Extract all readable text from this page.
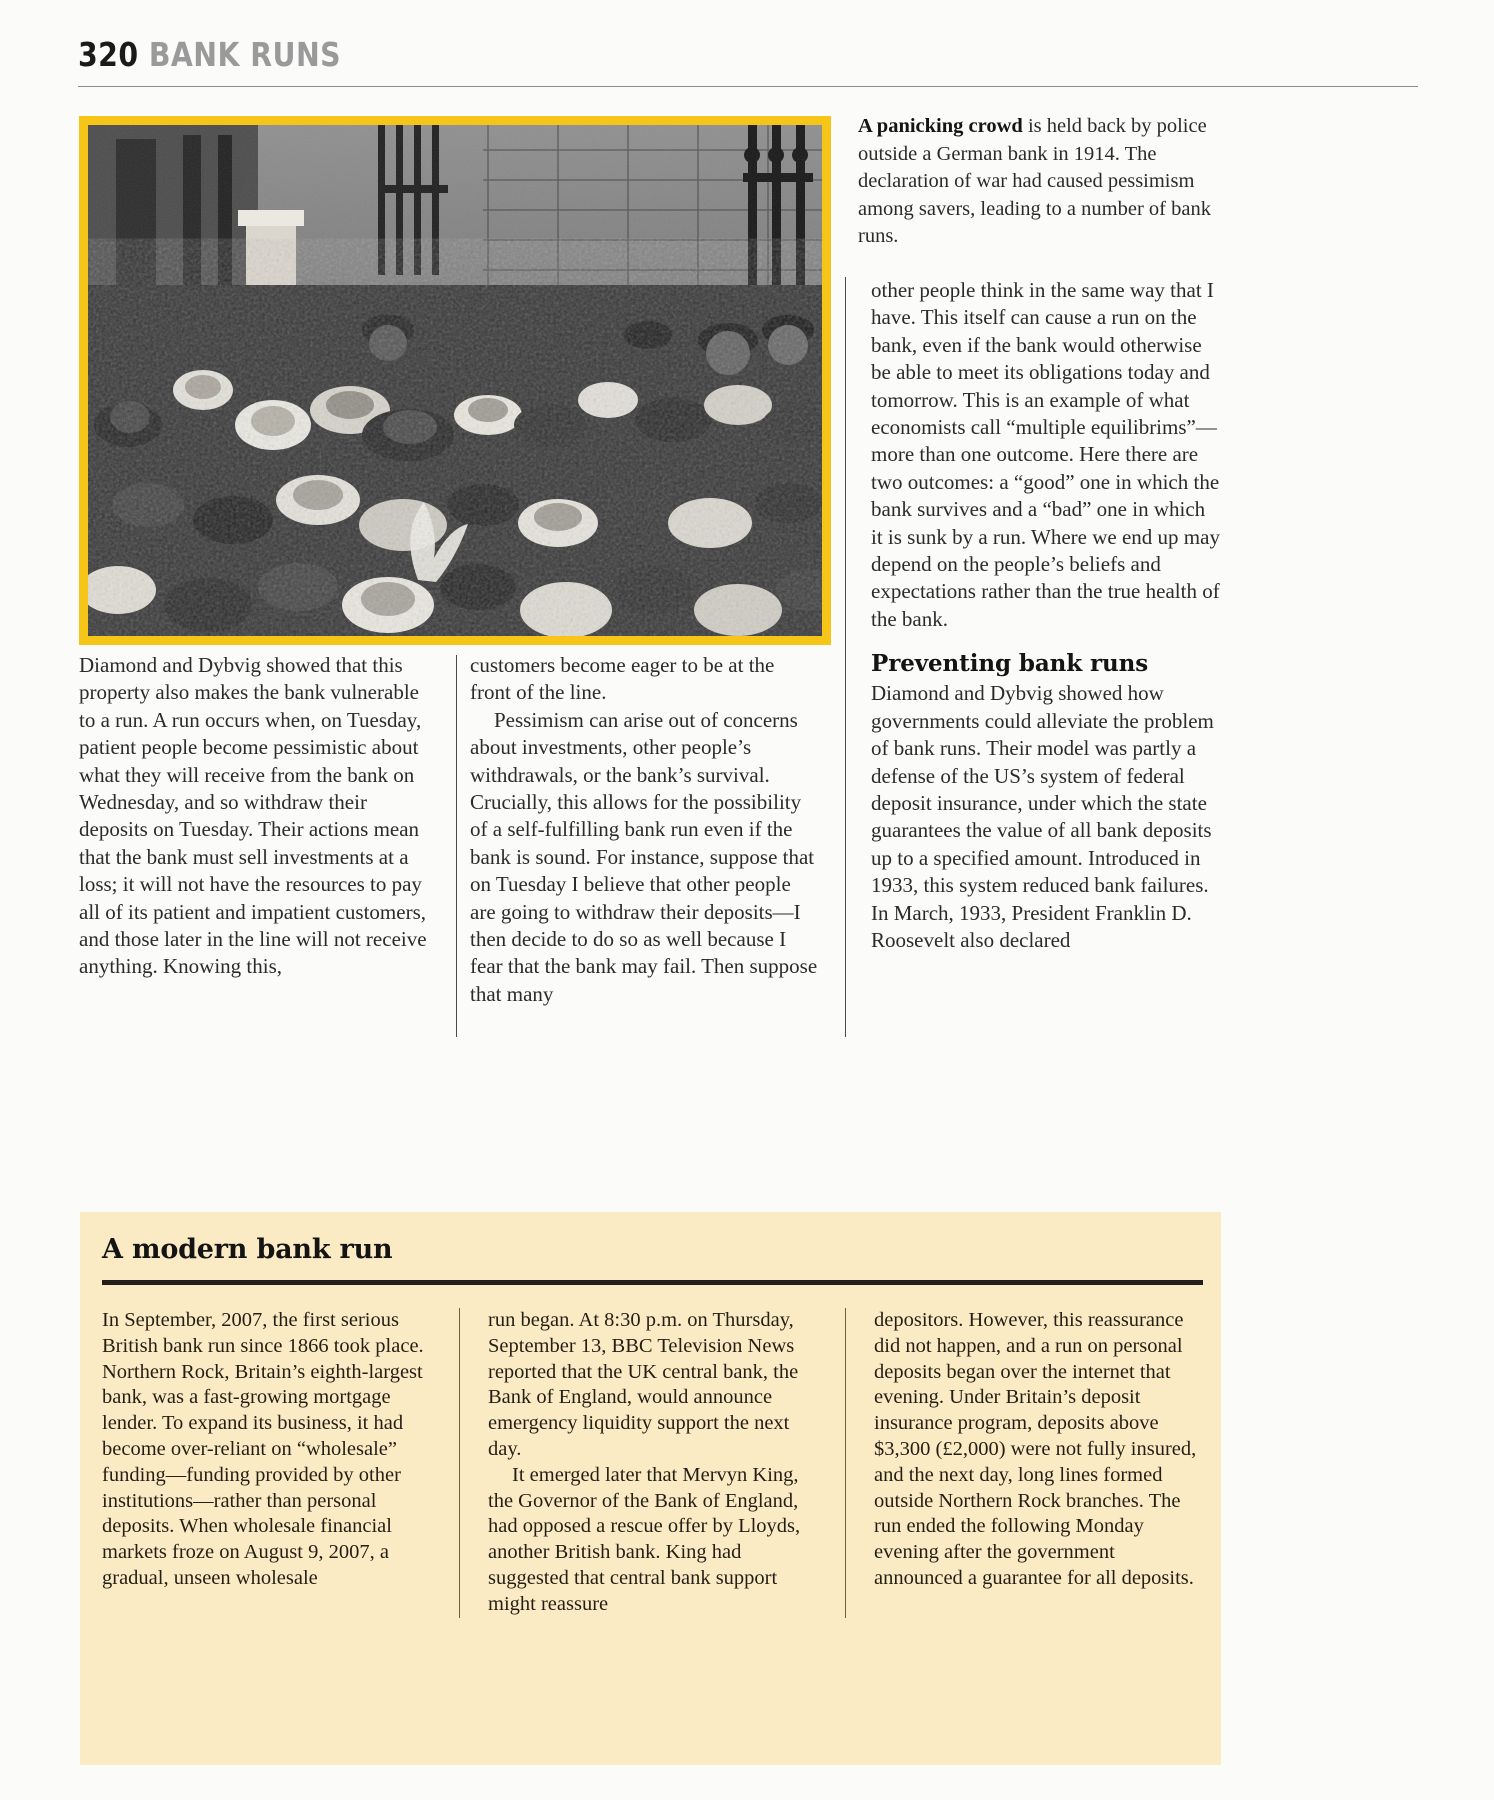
320 BANK RUNS
A panicking crowd is held back by police outside a German bank in 1914. The declaration of war had caused pessimism among savers, leading to a number of bank runs.

other people think in the same way that I have. This itself can cause a run on the bank, even if the bank would otherwise be able to meet its obligations today and tomorrow. This is an example of what economists call “multiple equilibrims”—more than one outcome. Here there are two outcomes: a “good” one in which the bank survives and a “bad” one in which it is sunk by a run. Where we end up may depend on the people’s beliefs and expectations rather than the true health of the bank.

Preventing bank runs

Diamond and Dybvig showed how governments could alleviate the problem of bank runs. Their model was partly a defense of the US’s system of federal deposit insurance, under which the state guarantees the value of all bank deposits up to a specified amount. Introduced in 1933, this system reduced bank failures. In March, 1933, President Franklin D. Roosevelt also declared

Diamond and Dybvig showed that this property also makes the bank vulnerable to a run. A run occurs when, on Tuesday, patient people become pessimistic about what they will receive from the bank on Wednesday, and so withdraw their deposits on Tuesday. Their actions mean that the bank must sell investments at a loss; it will not have the resources to pay all of its patient and impatient customers, and those later in the line will not receive anything. Knowing this,

customers become eager to be at the front of the line.

Pessimism can arise out of concerns about investments, other people’s withdrawals, or the bank’s survival. Crucially, this allows for the possibility of a self-fulfilling bank run even if the bank is sound. For instance, suppose that on Tuesday I believe that other people are going to withdraw their deposits—I then decide to do so as well because I fear that the bank may fail. Then suppose that many

A modern bank run

In September, 2007, the first serious British bank run since 1866 took place. Northern Rock, Britain’s eighth-largest bank, was a fast-growing mortgage lender. To expand its business, it had become over-reliant on “wholesale” funding—funding provided by other institutions—rather than personal deposits. When wholesale financial markets froze on August 9, 2007, a gradual, unseen wholesale

run began. At 8:30 p.m. on Thursday, September 13, BBC Television News reported that the UK central bank, the Bank of England, would announce emergency liquidity support the next day.

It emerged later that Mervyn King, the Governor of the Bank of England, had opposed a rescue offer by Lloyds, another British bank. King had suggested that central bank support might reassure

depositors. However, this reassurance did not happen, and a run on personal deposits began over the internet that evening. Under Britain’s deposit insurance program, deposits above $3,300 (£2,000) were not fully insured, and the next day, long lines formed outside Northern Rock branches. The run ended the following Monday evening after the government announced a guarantee for all deposits.
